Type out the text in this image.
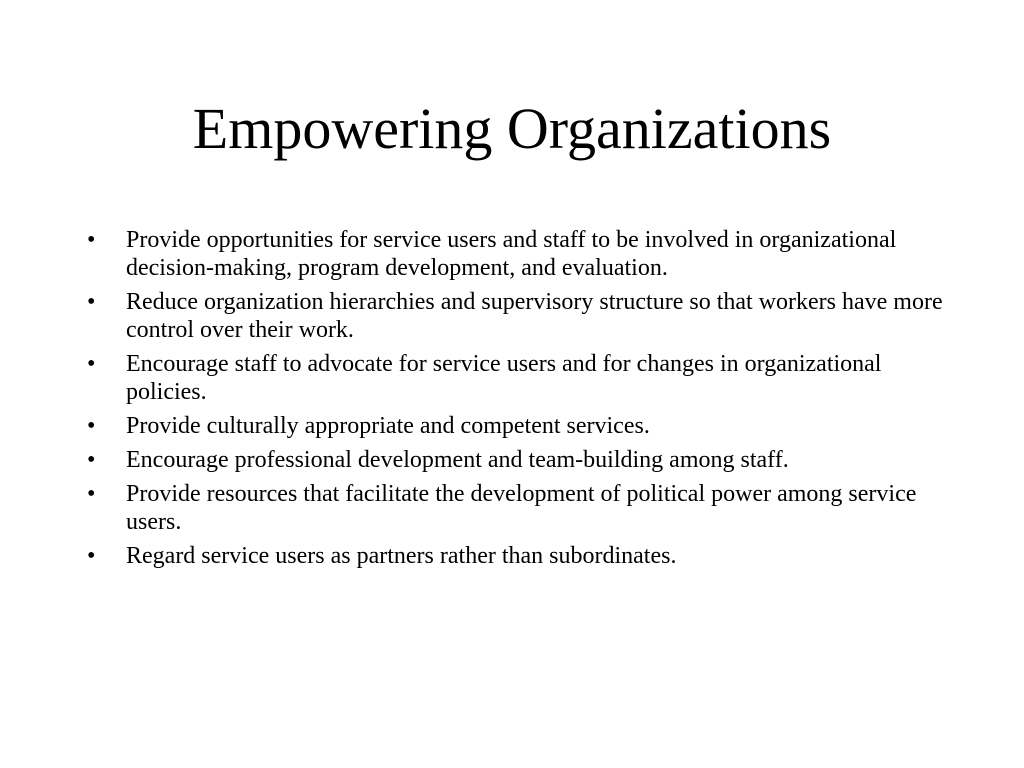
Empowering Organizations
•	Provide opportunities for service users and staff to be involved in organizational decision-making, program development, and evaluation.
•	Reduce organization hierarchies and supervisory structure so that workers have more control over their work.
•	Encourage staff to advocate for service users and for changes in organizational policies.
•	Provide culturally appropriate and competent services.
•	Encourage professional development and team-building among staff.
•	Provide resources that facilitate the development of political power among service users.
•	Regard service users as partners rather than subordinates.
